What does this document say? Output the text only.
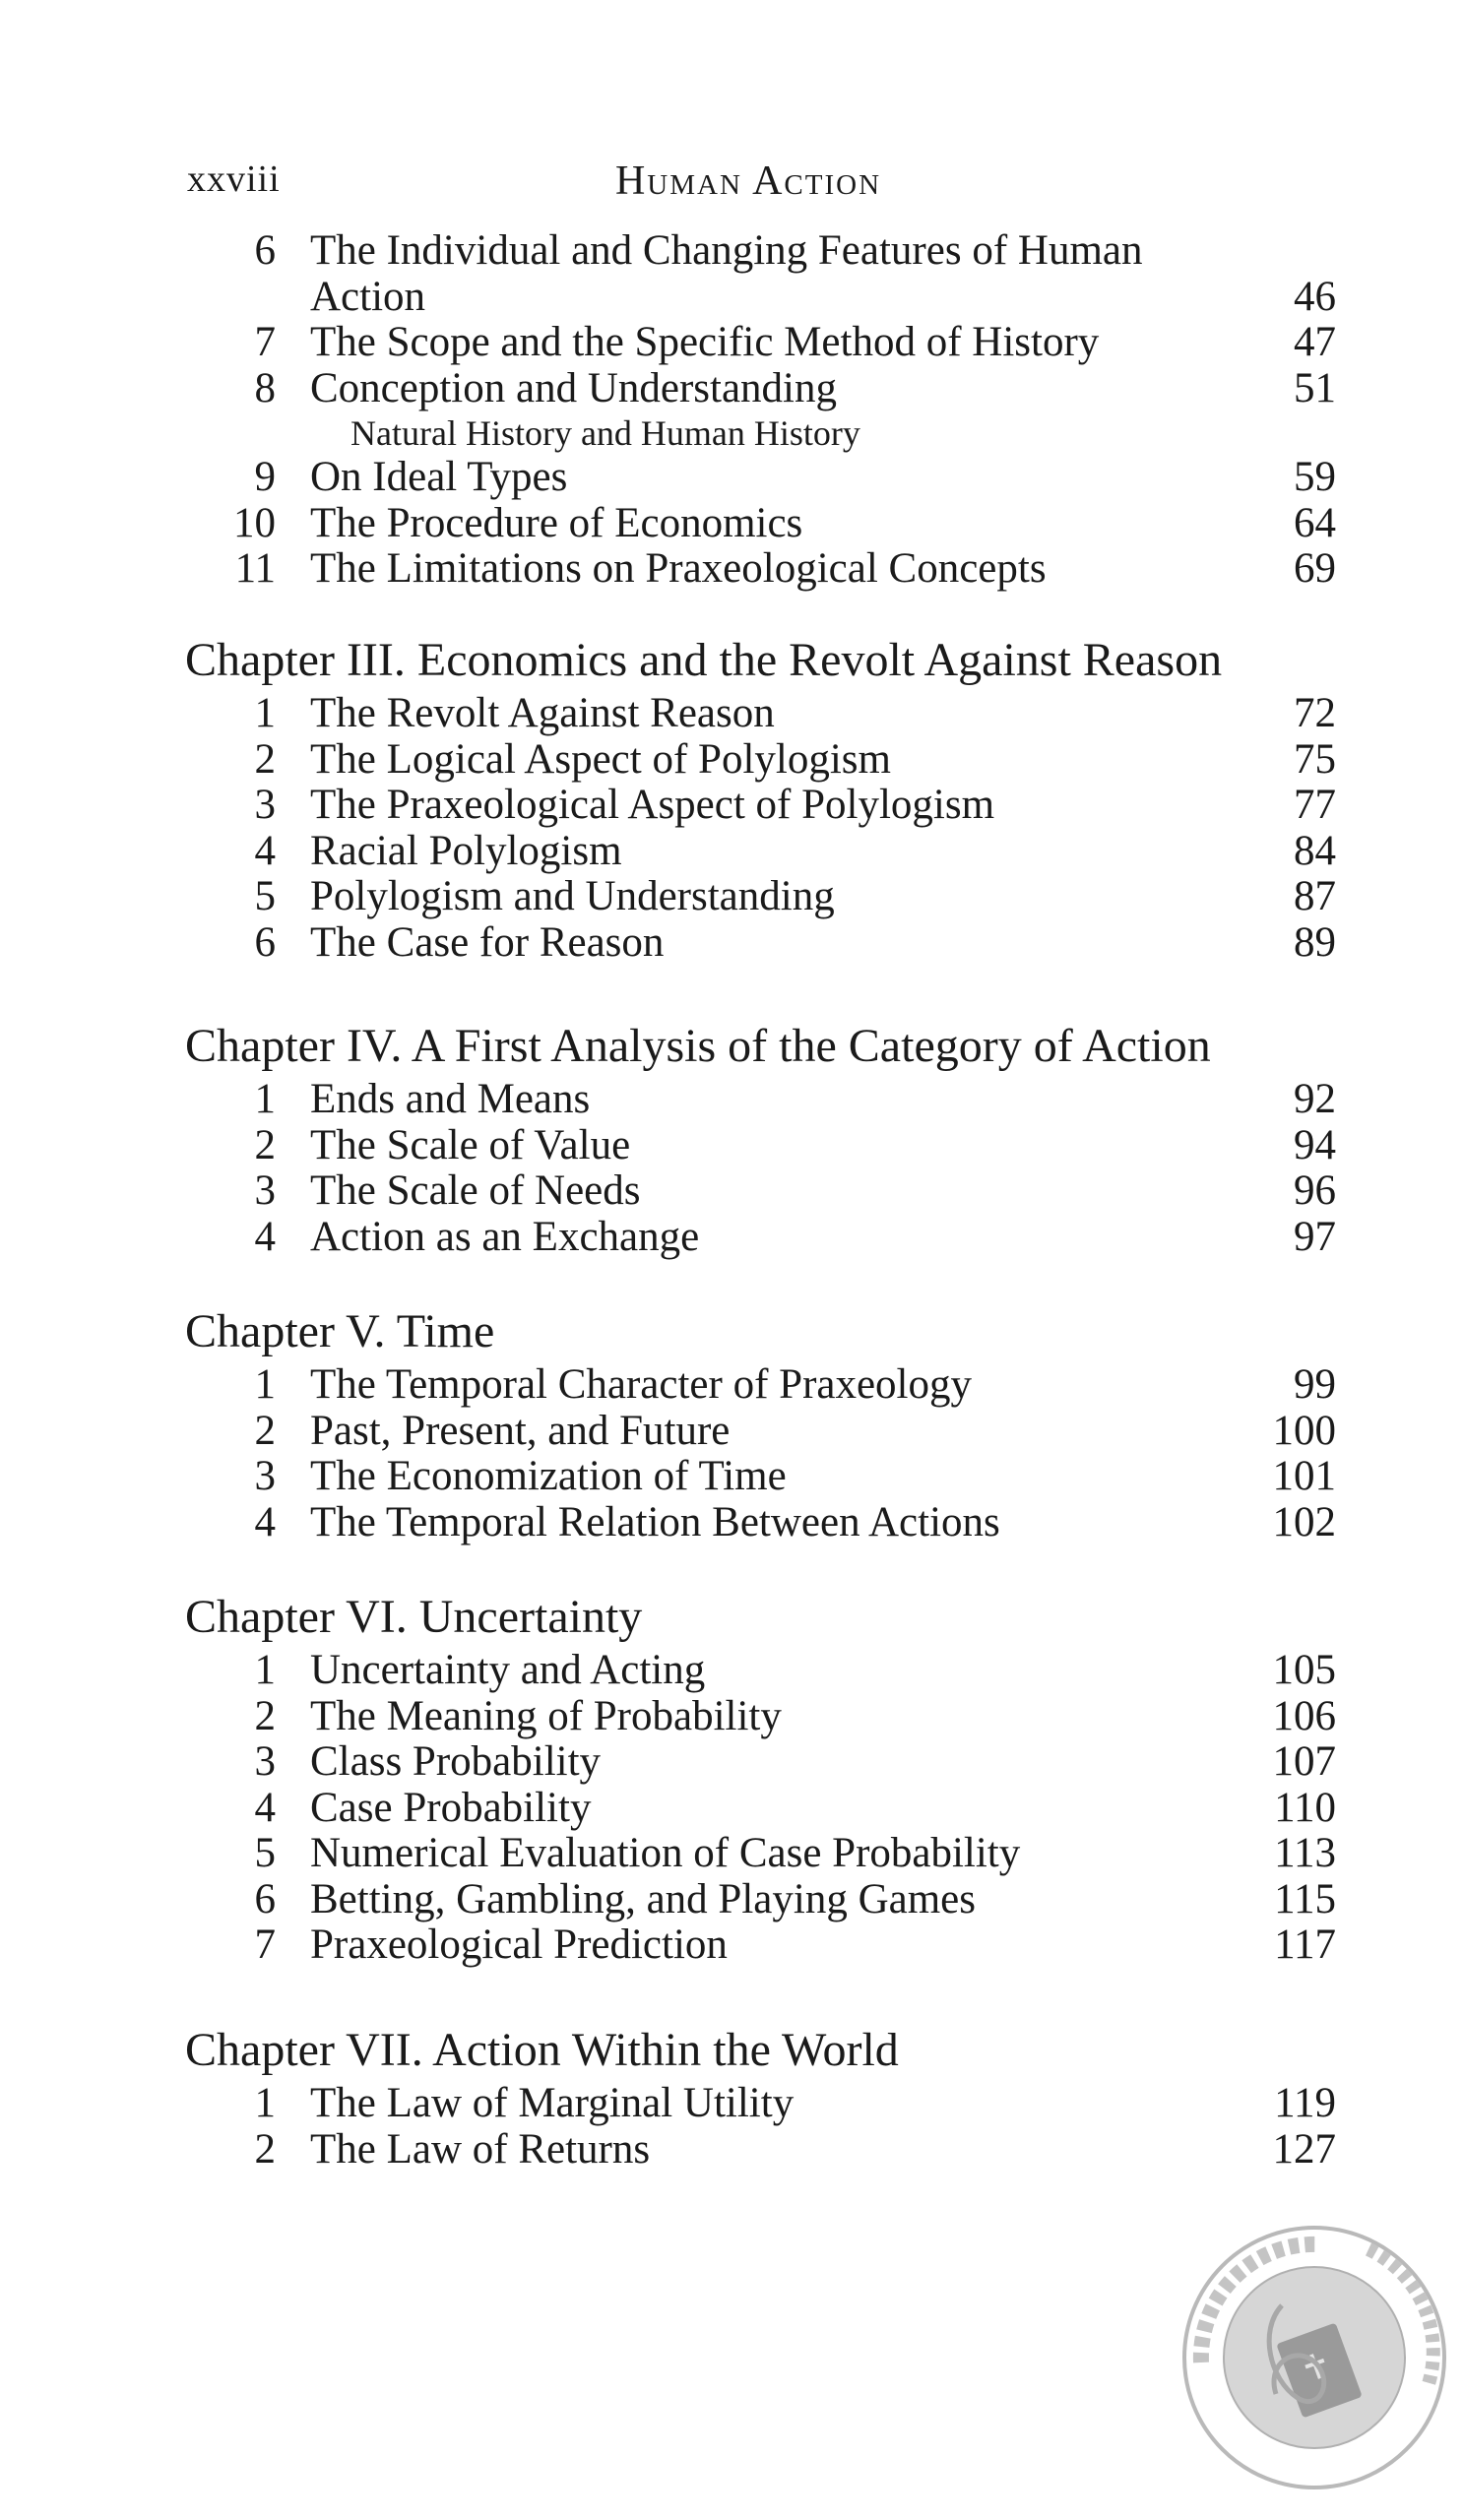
xxviii	Human Action
6 The Individual and Changing Features of Human
Action	46
7 The Scope and the Specific Method of History	47
8 Conception and Understanding	51
Natural History and Human History
9 On Ideal Types	59
10 The Procedure of Economics	64
11 The Limitations on Praxeological Concepts	69
Chapter III. Economics and the Revolt Against Reason
1 The Revolt Against Reason	72
2 The Logical Aspect of Polylogism	75
3 The Praxeological Aspect of Polylogism	77
4 Racial Polylogism	84
5 Polylogism and Understanding	87
6 The Case for Reason	89
Chapter IV. A First Analysis of the Category of Action
1 Ends and Means	92
2 The Scale of Value	94
3 The Scale of Needs	96
4 Action as an Exchange	97
Chapter V. Time
1 The Temporal Character of Praxeology	99
2 Past, Present, and Future	100
3 The Economization of Time	101
4 The Temporal Relation Between Actions	102
Chapter VI. Uncertainty
1 Uncertainty and Acting	105
2 The Meaning of Probability	106
3 Class Probability	107
4 Case Probability	110
5 Numerical Evaluation of Case Probability	113
6 Betting, Gambling, and Playing Games	115
7 Praxeological Prediction	117
Chapter VII. Action Within the World
1 The Law of Marginal Utility	119
2 The Law of Returns	127
